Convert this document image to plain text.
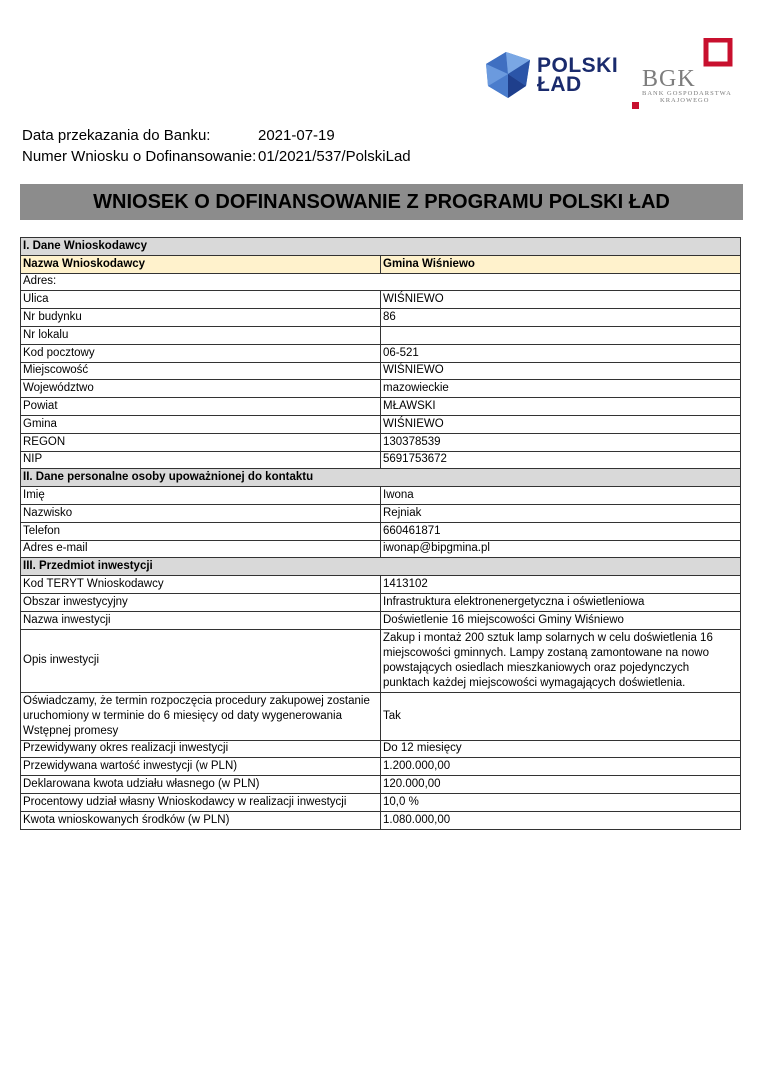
POLSKI
ŁAD	BGK
BANK GOSPODARSTWA
KRAJOWEGO
Data przekazania do Banku:	2021-07-19
Numer Wniosku o Dofinansowanie: 01/2021/537/PolskiLad
WNIOSEK O DOFINANSOWANIE Z PROGRAMU POLSKI ŁAD
I. Dane Wnioskodawcy	
Nazwa Wnioskodawcy	Gmina Wiśniewo
Adres:	
Ulica	WIŚNIEWO
Nr budynku	86
Nr lokalu	
Kod pocztowy	06-521
Miejscowość	WIŚNIEWO
Województwo	mazowieckie
Powiat	MŁAWSKI
Gmina	WIŚNIEWO
REGON	130378539
NIP	5691753672
II. Dane personalne osoby upoważnionej do kontaktu	
Imię	Iwona
Nazwisko	Rejniak
Telefon	660461871
Adres e-mail	iwonap@bipgmina.pl
III. Przedmiot inwestycji	
Kod TERYT Wnioskodawcy	1413102
Obszar inwestycyjny	Infrastruktura elektronenergetyczna i oświetleniowa
Nazwa inwestycji	Doświetlenie 16 miejscowości Gminy Wiśniewo
Opis inwestycji	Zakup i montaż 200 sztuk lamp solarnych w celu doświetlenia 16 miejscowości gminnych. Lampy zostaną zamontowane na nowo powstających osiedlach mieszkaniowych oraz pojedynczych punktach każdej miejscowości wymagających doświetlenia.
Oświadczamy, że termin rozpoczęcia procedury zakupowej zostanie uruchomiony w terminie do 6 miesięcy od daty wygenerowania Wstępnej promesy	Tak
Przewidywany okres realizacji inwestycji	Do 12 miesięcy
Przewidywana wartość inwestycji (w PLN)	1.200.000,00
Deklarowana kwota udziału własnego (w PLN)	120.000,00
Procentowy udział własny Wnioskodawcy w realizacji inwestycji	10,0 %
Kwota wnioskowanych środków (w PLN)	1.080.000,00
